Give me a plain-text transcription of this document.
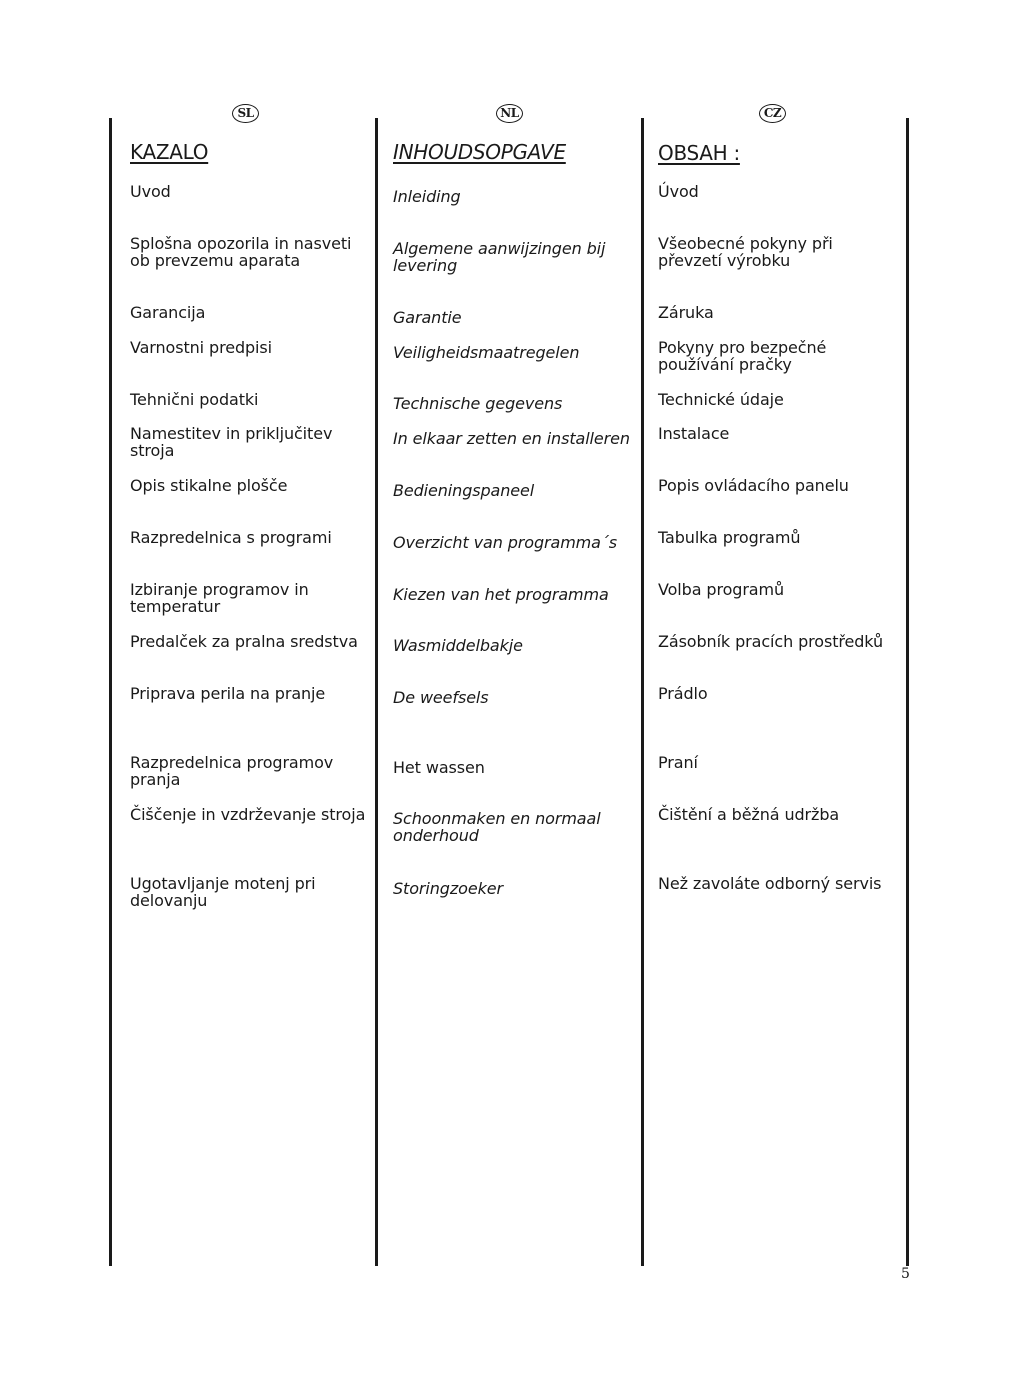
SL	NL	CZ
KAZALO
Uvod
Splošna opozorila in nasveti ob prevzemu aparata
Garancija
Varnostni predpisi
Tehnični podatki
Namestitev in priključitev stroja
Opis stikalne plošče
Razpredelnica s programi
Izbiranje programov in temperatur
Predalček za pralna sredstva
Priprava perila na pranje
Razpredelnica programov pranja
Čiščenje in vzdrževanje stroja
Ugotavljanje motenj pri delovanju
INHOUDSOPGAVE
Inleiding
Algemene aanwijzingen bij levering
Garantie
Veiligheidsmaatregelen
Technische gegevens
In elkaar zetten en installeren
Bedieningspaneel
Overzicht van programma´s
Kiezen van het programma
Wasmiddelbakje
De weefsels
Het wassen
Schoonmaken en normaal onderhoud
Storingzoeker
OBSAH :
Úvod
Všeobecné pokyny při převzetí výrobku
Záruka
Pokyny pro bezpečné používání pračky
Technické údaje
Instalace
Popis ovládacího panelu
Tabulka programů
Volba programů
Zásobník pracích prostředků
Prádlo
Praní
Čištění a běžná udržba
Než zavoláte odborný servis
5
